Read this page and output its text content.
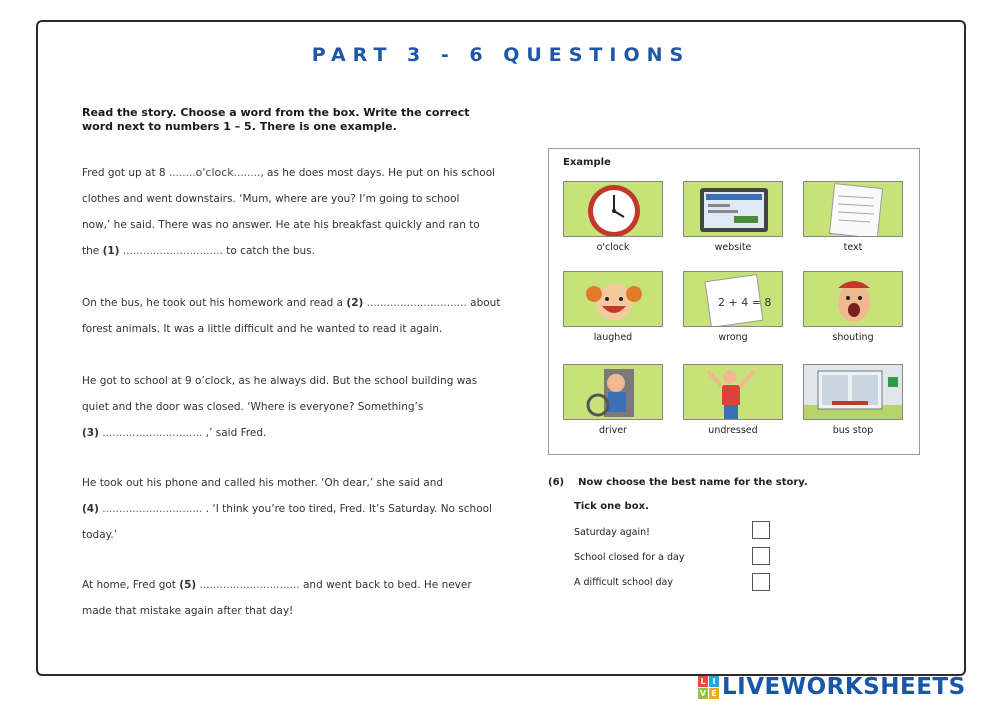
PART 3 - 6 QUESTIONS
Read the story. Choose a word from the box. Write the correct word next to numbers 1 – 5. There is one example.

Fred got up at 8 ........o'clock........, as he does most days. He put on his school

clothes and went downstairs. ‘Mum, where are you? I’m going to school

now,’ he said. There was no answer. He ate his breakfast quickly and ran to

the (1) .............................. to catch the bus.

On the bus, he took out his homework and read a (2) .............................. about

forest animals. It was a little difficult and he wanted to read it again.

He got to school at 9 o’clock, as he always did. But the school building was

quiet and the door was closed. ‘Where is everyone? Something’s

(3) .............................. ,’ said Fred.

He took out his phone and called his mother. ‘Oh dear,’ she said and

(4) .............................. . ‘I think you’re too tired, Fred. It’s Saturday. No school

today.’

At home, Fred got (5) .............................. and went back to bed. He never

made that mistake again after that day!

Example
o'clock	website	text
2 + 4 = 8
laughed	wrong	shouting
driver	undressed	bus stop
(6) Now choose the best name for the story.
Tick one box.
Saturday again!
School closed for a day
A difficult school day
L I
V E LIVEWORKSHEETS
